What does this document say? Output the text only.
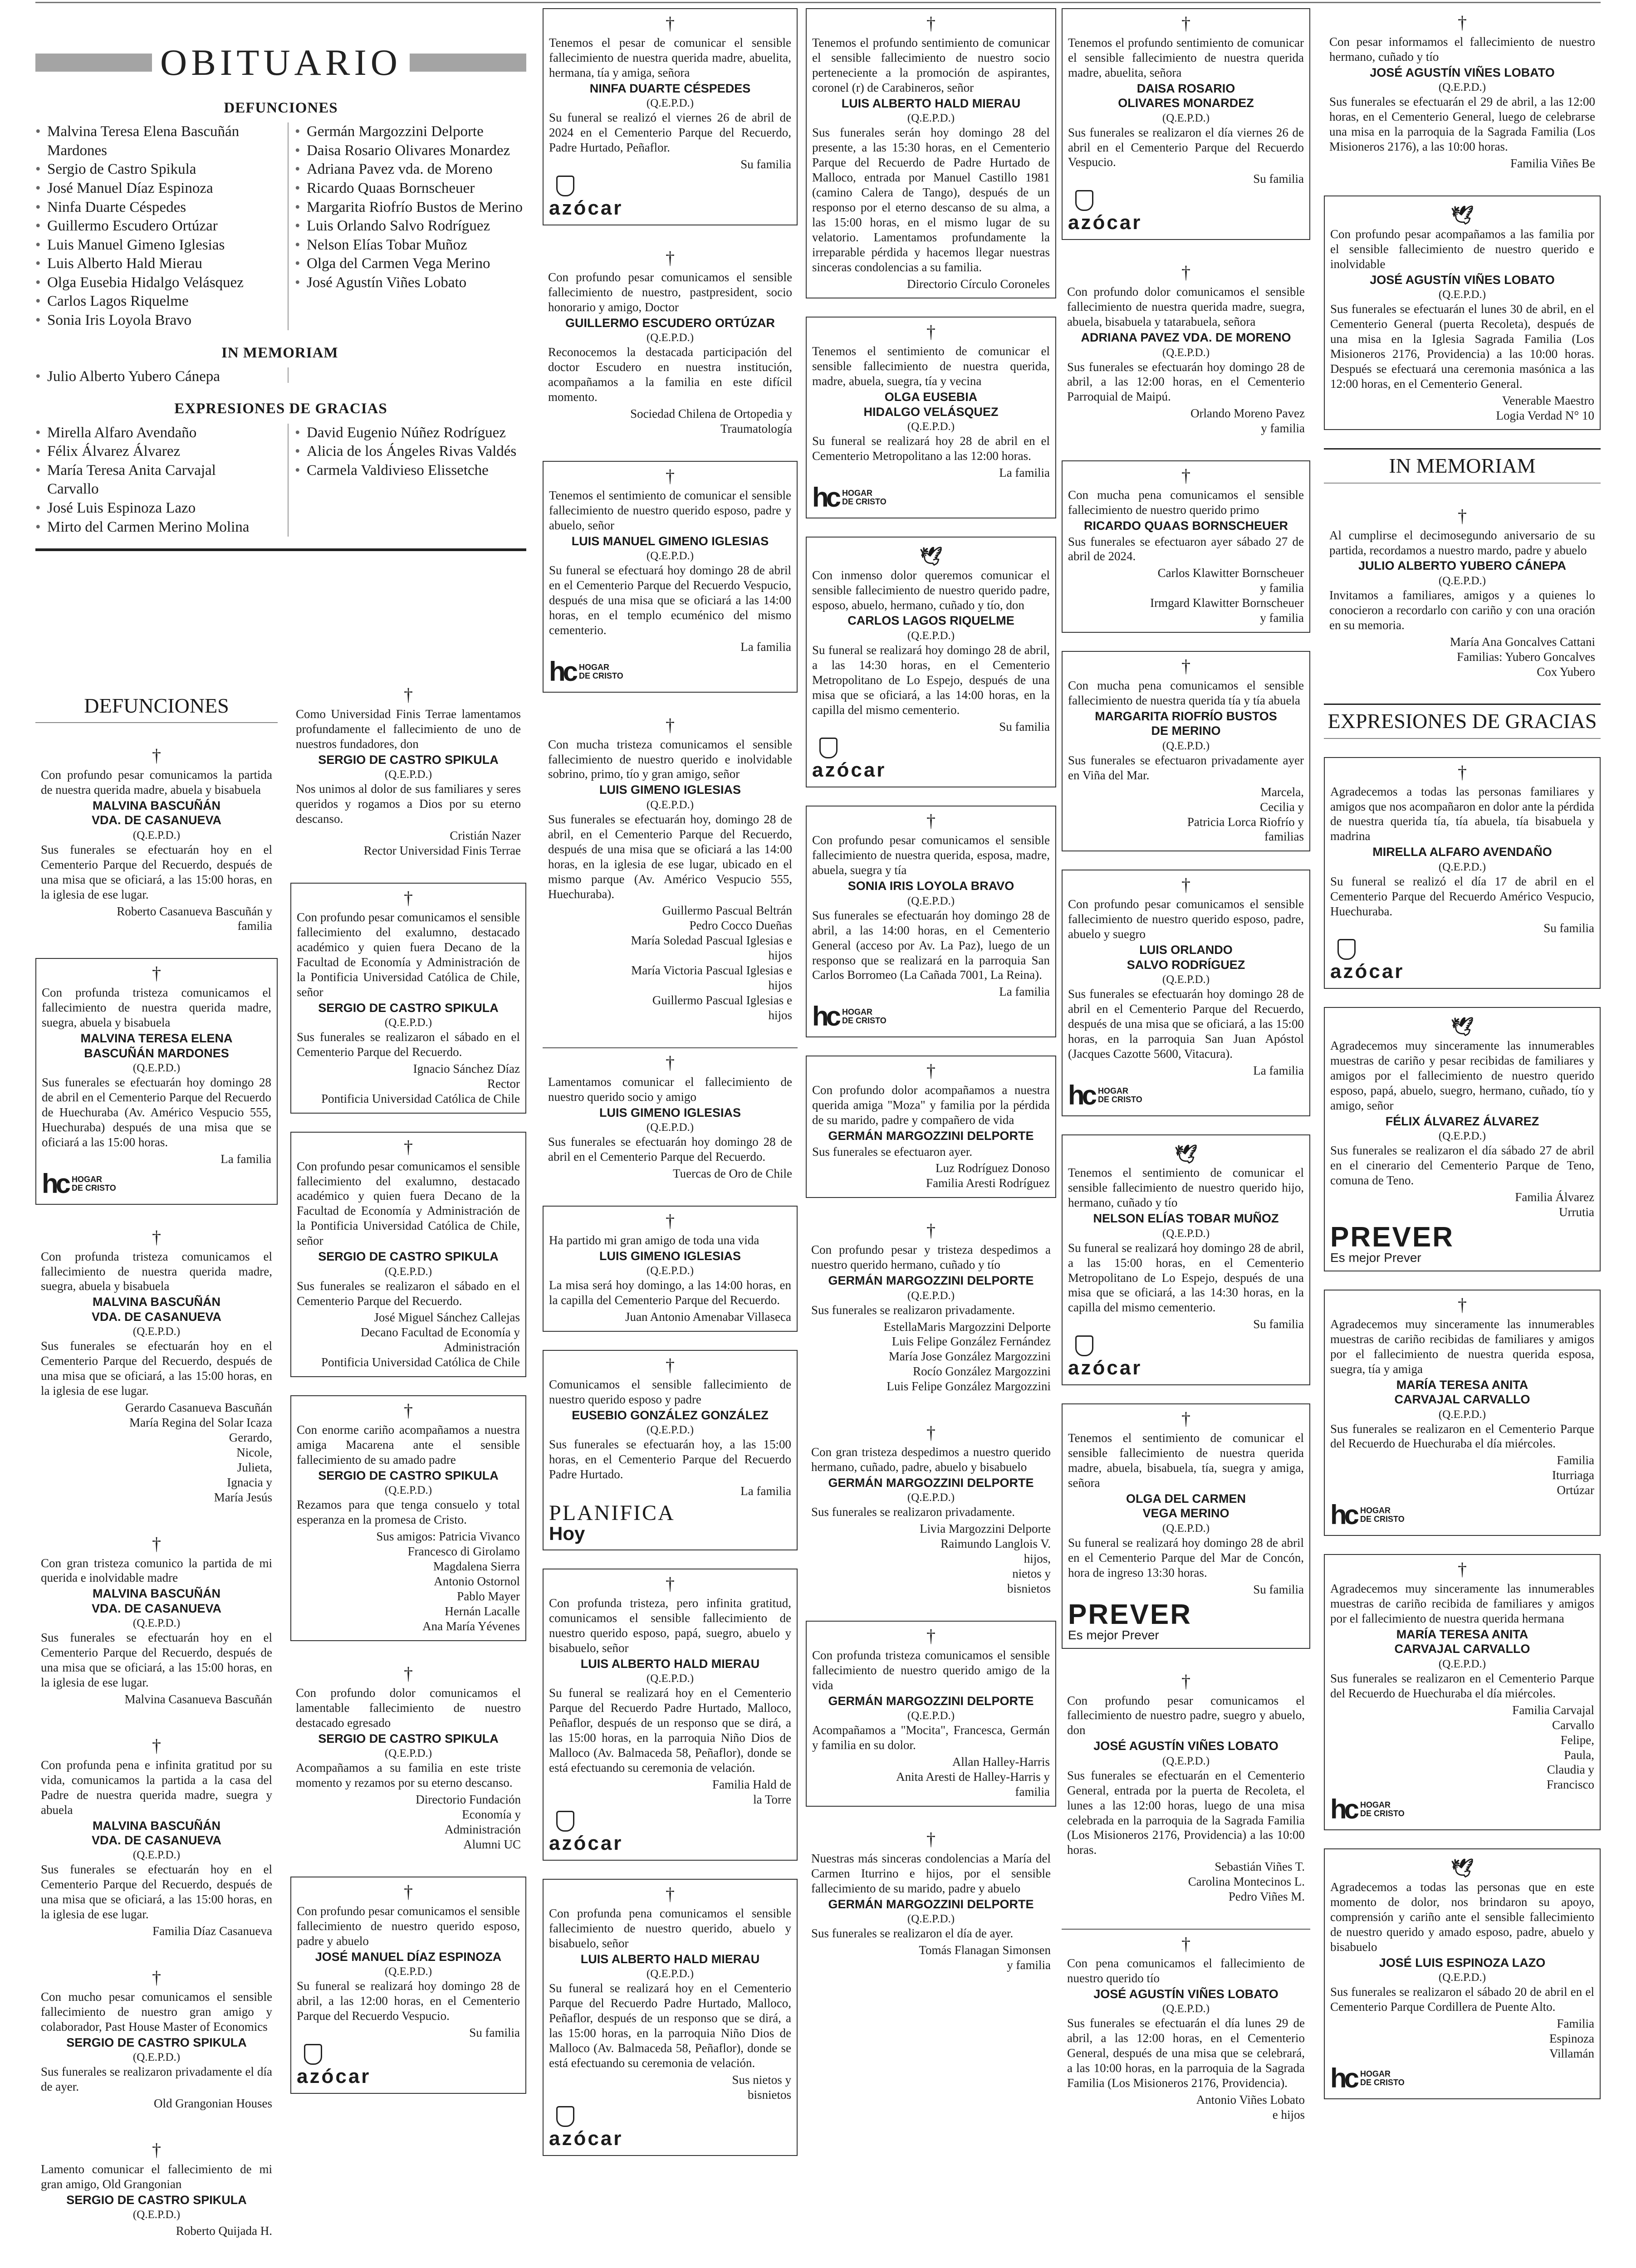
OBITUARIO
DEFUNCIONES
• Malvina Teresa Elena Bascuñán Mardones
• Sergio de Castro Spikula
• José Manuel Díaz Espinoza
• Ninfa Duarte Céspedes
• Guillermo Escudero Ortúzar
• Luis Manuel Gimeno Iglesias
• Luis Alberto Hald Mierau
• Olga Eusebia Hidalgo Velásquez
• Carlos Lagos Riquelme
• Sonia Iris Loyola Bravo
• Germán Margozzini Delporte
• Daisa Rosario Olivares Monardez
• Adriana Pavez vda. de Moreno
• Ricardo Quaas Bornscheuer
• Margarita Riofrío Bustos de Merino
• Luis Orlando Salvo Rodríguez
• Nelson Elías Tobar Muñoz
• Olga del Carmen Vega Merino
• José Agustín Viñes Lobato
IN MEMORIAM
• Julio Alberto Yubero Cánepa
EXPRESIONES DE GRACIAS
• Mirella Alfaro Avendaño
• Félix Álvarez Álvarez
• María Teresa Anita Carvajal Carvallo
• José Luis Espinoza Lazo
• Mirto del Carmen Merino Molina
• David Eugenio Núñez Rodríguez
• Alicia de los Ángeles Rivas Valdés
• Carmela Valdivieso Elissetche
DEFUNCIONES
†

Con profundo pesar comunicamos la partida de nuestra querida madre, abuela y bisabuela

MALVINA BASCUÑÁN
VDA. DE CASANUEVA
(Q.E.P.D.)

Sus funerales se efectuarán hoy en el Cementerio Parque del Recuerdo, después de una misa que se oficiará, a las 15:00 horas, en la iglesia de ese lugar.

Roberto Casanueva Bascuñán y
familia
†

Con profunda tristeza comunicamos el fallecimiento de nuestra querida madre, suegra, abuela y bisabuela

MALVINA TERESA ELENA
BASCUÑÁN MARDONES
(Q.E.P.D.)

Sus funerales se efectuarán hoy domingo 28 de abril en el Cementerio Parque del Recuerdo de Huechuraba (Av. Américo Vespucio 555, Huechuraba) después de una misa que se oficiará a las 15:00 horas.

La familia
hc HOGAR
DE CRISTO
†

Con profunda tristeza comunicamos el fallecimiento de nuestra querida madre, suegra, abuela y bisabuela

MALVINA BASCUÑÁN
VDA. DE CASANUEVA
(Q.E.P.D.)

Sus funerales se efectuarán hoy en el Cementerio Parque del Recuerdo, después de una misa que se oficiará, a las 15:00 horas, en la iglesia de ese lugar.

Gerardo Casanueva Bascuñán
María Regina del Solar Icaza
Gerardo,
Nicole,
Julieta,
Ignacia y
María Jesús
†

Con gran tristeza comunico la partida de mi querida e inolvidable madre

MALVINA BASCUÑÁN
VDA. DE CASANUEVA
(Q.E.P.D.)

Sus funerales se efectuarán hoy en el Cementerio Parque del Recuerdo, después de una misa que se oficiará, a las 15:00 horas, en la iglesia de ese lugar.

Malvina Casanueva Bascuñán
†

Con profunda pena e infinita gratitud por su vida, comunicamos la partida a la casa del Padre de nuestra querida madre, suegra y abuela

MALVINA BASCUÑÁN
VDA. DE CASANUEVA
(Q.E.P.D.)

Sus funerales se efectuarán hoy en el Cementerio Parque del Recuerdo, después de una misa que se oficiará, a las 15:00 horas, en la iglesia de ese lugar.

Familia Díaz Casanueva
†

Con mucho pesar comunicamos el sensible fallecimiento de nuestro gran amigo y colaborador, Past House Master of Economics

SERGIO DE CASTRO SPIKULA
(Q.E.P.D.)

Sus funerales se realizaron privadamente el día de ayer.

Old Grangonian Houses
†

Lamento comunicar el fallecimiento de mi gran amigo, Old Grangonian

SERGIO DE CASTRO SPIKULA
(Q.E.P.D.)
Roberto Quijada H.
†

Como Universidad Finis Terrae lamentamos profundamente el fallecimiento de uno de nuestros fundadores, don

SERGIO DE CASTRO SPIKULA
(Q.E.P.D.)

Nos unimos al dolor de sus familiares y seres queridos y rogamos a Dios por su eterno descanso.

Cristián Nazer
Rector Universidad Finis Terrae
†

Con profundo pesar comunicamos el sensible fallecimiento del exalumno, destacado académico y quien fuera Decano de la Facultad de Economía y Administración de la Pontificia Universidad Católica de Chile, señor

SERGIO DE CASTRO SPIKULA
(Q.E.P.D.)

Sus funerales se realizaron el sábado en el Cementerio Parque del Recuerdo.

Ignacio Sánchez Díaz
Rector
Pontificia Universidad Católica de Chile
†

Con profundo pesar comunicamos el sensible fallecimiento del exalumno, destacado académico y quien fuera Decano de la Facultad de Economía y Administración de la Pontificia Universidad Católica de Chile, señor

SERGIO DE CASTRO SPIKULA
(Q.E.P.D.)

Sus funerales se realizaron el sábado en el Cementerio Parque del Recuerdo.

José Miguel Sánchez Callejas
Decano Facultad de Economía y
Administración
Pontificia Universidad Católica de Chile
†

Con enorme cariño acompañamos a nuestra amiga Macarena ante el sensible fallecimiento de su amado padre

SERGIO DE CASTRO SPIKULA
(Q.E.P.D.)

Rezamos para que tenga consuelo y total esperanza en la promesa de Cristo.

Sus amigos: Patricia Vivanco
Francesco di Girolamo
Magdalena Sierra
Antonio Ostornol
Pablo Mayer
Hernán Lacalle
Ana María Yévenes
†

Con profundo dolor comunicamos el lamentable fallecimiento de nuestro destacado egresado

SERGIO DE CASTRO SPIKULA
(Q.E.P.D.)

Acompañamos a su familia en este triste momento y rezamos por su eterno descanso.

Directorio Fundación
Economía y
Administración
Alumni UC
†

Con profundo pesar comunicamos el sensible fallecimiento de nuestro querido esposo, padre y abuelo

JOSÉ MANUEL DÍAZ ESPINOZA
(Q.E.P.D.)

Su funeral se realizará hoy domingo 28 de abril, a las 12:00 horas, en el Cementerio Parque del Recuerdo Vespucio.

Su familia
azócar
†

Tenemos el pesar de comunicar el sensible fallecimiento de nuestra querida madre, abuelita, hermana, tía y amiga, señora

NINFA DUARTE CÉSPEDES
(Q.E.P.D.)

Su funeral se realizó el viernes 26 de abril de 2024 en el Cementerio Parque del Recuerdo, Padre Hurtado, Peñaflor.

Su familia
azócar
†

Con profundo pesar comunicamos el sensible fallecimiento de nuestro, pastpresident, socio honorario y amigo, Doctor

GUILLERMO ESCUDERO ORTÚZAR
(Q.E.P.D.)

Reconocemos la destacada participación del doctor Escudero en nuestra institución, acompañamos a la familia en este difícil momento.

Sociedad Chilena de Ortopedia y
Traumatología
†

Tenemos el sentimiento de comunicar el sensible fallecimiento de nuestro querido esposo, padre y abuelo, señor

LUIS MANUEL GIMENO IGLESIAS
(Q.E.P.D.)

Su funeral se efectuará hoy domingo 28 de abril en el Cementerio Parque del Recuerdo Vespucio, después de una misa que se oficiará a las 14:00 horas, en el templo ecuménico del mismo cementerio.

La familia
hc HOGAR
DE CRISTO
†

Con mucha tristeza comunicamos el sensible fallecimiento de nuestro querido e inolvidable sobrino, primo, tío y gran amigo, señor

LUIS GIMENO IGLESIAS
(Q.E.P.D.)

Sus funerales se efectuarán hoy, domingo 28 de abril, en el Cementerio Parque del Recuerdo, después de una misa que se oficiará a las 14:00 horas, en la iglesia de ese lugar, ubicado en el mismo parque (Av. Américo Vespucio 555, Huechuraba).

Guillermo Pascual Beltrán
Pedro Cocco Dueñas
María Soledad Pascual Iglesias e
hijos
María Victoria Pascual Iglesias e
hijos
Guillermo Pascual Iglesias e
hijos
†

Lamentamos comunicar el fallecimiento de nuestro querido socio y amigo

LUIS GIMENO IGLESIAS
(Q.E.P.D.)

Sus funerales se efectuarán hoy domingo 28 de abril en el Cementerio Parque del Recuerdo.

Tuercas de Oro de Chile
†

Ha partido mi gran amigo de toda una vida

LUIS GIMENO IGLESIAS
(Q.E.P.D.)

La misa será hoy domingo, a las 14:00 horas, en la capilla del Cementerio Parque del Recuerdo.

Juan Antonio Amenabar Villaseca
†

Comunicamos el sensible fallecimiento de nuestro querido esposo y padre

EUSEBIO GONZÁLEZ GONZÁLEZ
(Q.E.P.D.)

Sus funerales se efectuarán hoy, a las 15:00 horas, en el Cementerio Parque del Recuerdo Padre Hurtado.

La familia
PLANIFICA
Hoy
†

Con profunda tristeza, pero infinita gratitud, comunicamos el sensible fallecimiento de nuestro querido esposo, papá, suegro, abuelo y bisabuelo, señor

LUIS ALBERTO HALD MIERAU
(Q.E.P.D.)

Su funeral se realizará hoy en el Cementerio Parque del Recuerdo Padre Hurtado, Malloco, Peñaflor, después de un responso que se dirá, a las 15:00 horas, en la parroquia Niño Dios de Malloco (Av. Balmaceda 58, Peñaflor), donde se está efectuando su ceremonia de velación.

Familia Hald de
la Torre
azócar
†

Con profunda pena comunicamos el sensible fallecimiento de nuestro querido, abuelo y bisabuelo, señor

LUIS ALBERTO HALD MIERAU
(Q.E.P.D.)

Su funeral se realizará hoy en el Cementerio Parque del Recuerdo Padre Hurtado, Malloco, Peñaflor, después de un responso que se dirá, a las 15:00 horas, en la parroquia Niño Dios de Malloco (Av. Balmaceda 58, Peñaflor), donde se está efectuando su ceremonia de velación.

Sus nietos y
bisnietos
azócar
†

Tenemos el profundo sentimiento de comunicar el sensible fallecimiento de nuestro socio perteneciente a la promoción de aspirantes, coronel (r) de Carabineros, señor

LUIS ALBERTO HALD MIERAU
(Q.E.P.D.)

Sus funerales serán hoy domingo 28 del presente, a las 15:30 horas, en el Cementerio Parque del Recuerdo de Padre Hurtado de Malloco, entrada por Manuel Castillo 1981 (camino Calera de Tango), después de un responso por el eterno descanso de su alma, a las 15:00 horas, en el mismo lugar de su velatorio. Lamentamos profundamente la irreparable pérdida y hacemos llegar nuestras sinceras condolencias a su familia.

Directorio Círculo Coroneles
†

Tenemos el sentimiento de comunicar el sensible fallecimiento de nuestra querida, madre, abuela, suegra, tía y vecina

OLGA EUSEBIA
HIDALGO VELÁSQUEZ
(Q.E.P.D.)

Su funeral se realizará hoy 28 de abril en el Cementerio Metropolitano a las 12:00 horas.

La familia
hc HOGAR
DE CRISTO
🕊

Con inmenso dolor queremos comunicar el sensible fallecimiento de nuestro querido padre, esposo, abuelo, hermano, cuñado y tío, don

CARLOS LAGOS RIQUELME
(Q.E.P.D.)

Su funeral se realizará hoy domingo 28 de abril, a las 14:30 horas, en el Cementerio Metropolitano de Lo Espejo, después de una misa que se oficiará, a las 14:00 horas, en la capilla del mismo cementerio.

Su familia
azócar
†

Con profundo pesar comunicamos el sensible fallecimiento de nuestra querida, esposa, madre, abuela, suegra y tía

SONIA IRIS LOYOLA BRAVO
(Q.E.P.D.)

Sus funerales se efectuarán hoy domingo 28 de abril, a las 14:00 horas, en el Cementerio General (acceso por Av. La Paz), luego de un responso que se realizará en la parroquia San Carlos Borromeo (La Cañada 7001, La Reina).

La familia
hc HOGAR
DE CRISTO
†

Con profundo dolor acompañamos a nuestra querida amiga "Moza" y familia por la pérdida de su marido, padre y compañero de vida

GERMÁN MARGOZZINI DELPORTE

Sus funerales se efectuaron ayer.

Luz Rodríguez Donoso
Familia Aresti Rodríguez
†

Con profundo pesar y tristeza despedimos a nuestro querido hermano, cuñado y tío

GERMÁN MARGOZZINI DELPORTE
(Q.E.P.D.)

Sus funerales se realizaron privadamente.

EstellaMaris Margozzini Delporte
Luis Felipe González Fernández
María Jose González Margozzini
Rocío González Margozzini
Luis Felipe González Margozzini
†

Con gran tristeza despedimos a nuestro querido hermano, cuñado, padre, abuelo y bisabuelo

GERMÁN MARGOZZINI DELPORTE
(Q.E.P.D.)

Sus funerales se realizaron privadamente.

Livia Margozzini Delporte
Raimundo Langlois V.
hijos,
nietos y
bisnietos
†

Con profunda tristeza comunicamos el sensible fallecimiento de nuestro querido amigo de la vida

GERMÁN MARGOZZINI DELPORTE
(Q.E.P.D.)

Acompañamos a "Mocita", Francesca, Germán y familia en su dolor.

Allan Halley-Harris
Anita Aresti de Halley-Harris y
familia
†

Nuestras más sinceras condolencias a María del Carmen Iturrino e hijos, por el sensible fallecimiento de su marido, padre y abuelo

GERMÁN MARGOZZINI DELPORTE
(Q.E.P.D.)

Sus funerales se realizaron el día de ayer.

Tomás Flanagan Simonsen
y familia
†

Tenemos el profundo sentimiento de comunicar el sensible fallecimiento de nuestra querida madre, abuelita, señora

DAISA ROSARIO
OLIVARES MONARDEZ
(Q.E.P.D.)

Sus funerales se realizaron el día viernes 26 de abril en el Cementerio Parque del Recuerdo Vespucio.

Su familia
azócar
†

Con profundo dolor comunicamos el sensible fallecimiento de nuestra querida madre, suegra, abuela, bisabuela y tatarabuela, señora

ADRIANA PAVEZ VDA. DE MORENO
(Q.E.P.D.)

Sus funerales se efectuarán hoy domingo 28 de abril, a las 12:00 horas, en el Cementerio Parroquial de Maipú.

Orlando Moreno Pavez
y familia
†

Con mucha pena comunicamos el sensible fallecimiento de nuestro querido primo

RICARDO QUAAS BORNSCHEUER

Sus funerales se efectuaron ayer sábado 27 de abril de 2024.

Carlos Klawitter Bornscheuer
y familia
Irmgard Klawitter Bornscheuer
y familia
†

Con mucha pena comunicamos el sensible fallecimiento de nuestra querida tía y tía abuela

MARGARITA RIOFRÍO BUSTOS
DE MERINO
(Q.E.P.D.)

Sus funerales se efectuaron privadamente ayer en Viña del Mar.

Marcela,
Cecilia y
Patricia Lorca Riofrío y
familias
†

Con profundo pesar comunicamos el sensible fallecimiento de nuestro querido esposo, padre, abuelo y suegro

LUIS ORLANDO
SALVO RODRÍGUEZ
(Q.E.P.D.)

Sus funerales se efectuarán hoy domingo 28 de abril en el Cementerio Parque del Recuerdo, después de una misa que se oficiará, a las 15:00 horas, en la parroquia San Juan Apóstol (Jacques Cazotte 5600, Vitacura).

La familia
hc HOGAR
DE CRISTO
🕊

Tenemos el sentimiento de comunicar el sensible fallecimiento de nuestro querido hijo, hermano, cuñado y tío

NELSON ELÍAS TOBAR MUÑOZ
(Q.E.P.D.)

Su funeral se realizará hoy domingo 28 de abril, a las 15:00 horas, en el Cementerio Metropolitano de Lo Espejo, después de una misa que se oficiará, a las 14:30 horas, en la capilla del mismo cementerio.

Su familia
azócar
†

Tenemos el sentimiento de comunicar el sensible fallecimiento de nuestra querida madre, abuela, bisabuela, tía, suegra y amiga, señora

OLGA DEL CARMEN
VEGA MERINO
(Q.E.P.D.)

Su funeral se realizará hoy domingo 28 de abril en el Cementerio Parque del Mar de Concón, hora de ingreso 13:30 horas.

Su familia
PREVER
Es mejor Prever
†

Con profundo pesar comunicamos el fallecimiento de nuestro padre, suegro y abuelo, don

JOSÉ AGUSTÍN VIÑES LOBATO
(Q.E.P.D.)

Sus funerales se efectuarán en el Cementerio General, entrada por la puerta de Recoleta, el lunes a las 12:00 horas, luego de una misa celebrada en la parroquia de la Sagrada Familia (Los Misioneros 2176, Providencia) a las 10:00 horas.

Sebastián Viñes T.
Carolina Montecinos L.
Pedro Viñes M.
†

Con pena comunicamos el fallecimiento de nuestro querido tío

JOSÉ AGUSTÍN VIÑES LOBATO
(Q.E.P.D.)

Sus funerales se efectuarán el día lunes 29 de abril, a las 12:00 horas, en el Cementerio General, después de una misa que se celebrará, a las 10:00 horas, en la parroquia de la Sagrada Familia (Los Misioneros 2176, Providencia).

Antonio Viñes Lobato
e hijos
†

Con pesar informamos el fallecimiento de nuestro hermano, cuñado y tío

JOSÉ AGUSTÍN VIÑES LOBATO
(Q.E.P.D.)

Sus funerales se efectuarán el 29 de abril, a las 12:00 horas, en el Cementerio General, luego de celebrarse una misa en la parroquia de la Sagrada Familia (Los Misioneros 2176), a las 10:00 horas.

Familia Viñes Be
🕊

Con profundo pesar acompañamos a las familia por el sensible fallecimiento de nuestro querido e inolvidable

JOSÉ AGUSTÍN VIÑES LOBATO
(Q.E.P.D.)

Sus funerales se efectuarán el lunes 30 de abril, en el Cementerio General (puerta Recoleta), después de una misa en la Iglesia Sagrada Familia (Los Misioneros 2176, Providencia) a las 10:00 horas. Después se efectuará una ceremonia masónica a las 12:00 horas, en el Cementerio General.

Venerable Maestro
Logia Verdad N° 10
IN MEMORIAM
†

Al cumplirse el decimosegundo aniversario de su partida, recordamos a nuestro mardo, padre y abuelo

JULIO ALBERTO YUBERO CÁNEPA
(Q.E.P.D.)

Invitamos a familiares, amigos y a quienes lo conocieron a recordarlo con cariño y con una oración en su memoria.

María Ana Goncalves Cattani
Familias: Yubero Goncalves
Cox Yubero
EXPRESIONES DE GRACIAS
†

Agradecemos a todas las personas familiares y amigos que nos acompañaron en dolor ante la pérdida de nuestra querida tía, tía abuela, tía bisabuela y madrina

MIRELLA ALFARO AVENDAÑO
(Q.E.P.D.)

Su funeral se realizó el día 17 de abril en el Cementerio Parque del Recuerdo Américo Vespucio, Huechuraba.

Su familia
azócar
🕊

Agradecemos muy sinceramente las innumerables muestras de cariño y pesar recibidas de familiares y amigos por el fallecimiento de nuestro querido esposo, papá, abuelo, suegro, hermano, cuñado, tío y amigo, señor

FÉLIX ÁLVAREZ ÁLVAREZ
(Q.E.P.D.)

Sus funerales se realizaron el día sábado 27 de abril en el cinerario del Cementerio Parque de Teno, comuna de Teno.

Familia Álvarez
Urrutia
PREVER
Es mejor Prever
†

Agradecemos muy sinceramente las innumerables muestras de cariño recibidas de familiares y amigos por el fallecimiento de nuestra querida esposa, suegra, tía y amiga

MARÍA TERESA ANITA
CARVAJAL CARVALLO
(Q.E.P.D.)

Sus funerales se realizaron en el Cementerio Parque del Recuerdo de Huechuraba el día miércoles.

Familia
Iturriaga
Ortúzar
hc HOGAR
DE CRISTO
†

Agradecemos muy sinceramente las innumerables muestras de cariño recibida de familiares y amigos por el fallecimiento de nuestra querida hermana

MARÍA TERESA ANITA
CARVAJAL CARVALLO
(Q.E.P.D.)

Sus funerales se realizaron en el Cementerio Parque del Recuerdo de Huechuraba el día miércoles.

Familia Carvajal
Carvallo
Felipe,
Paula,
Claudia y
Francisco
hc HOGAR
DE CRISTO
🕊

Agradecemos a todas las personas que en este momento de dolor, nos brindaron su apoyo, comprensión y cariño ante el sensible fallecimiento de nuestro querido y amado esposo, padre, abuelo y bisabuelo

JOSÉ LUIS ESPINOZA LAZO
(Q.E.P.D.)

Sus funerales se realizaron el sábado 20 de abril en el Cementerio Parque Cordillera de Puente Alto.

Familia
Espinoza
Villamán
hc HOGAR
DE CRISTO
